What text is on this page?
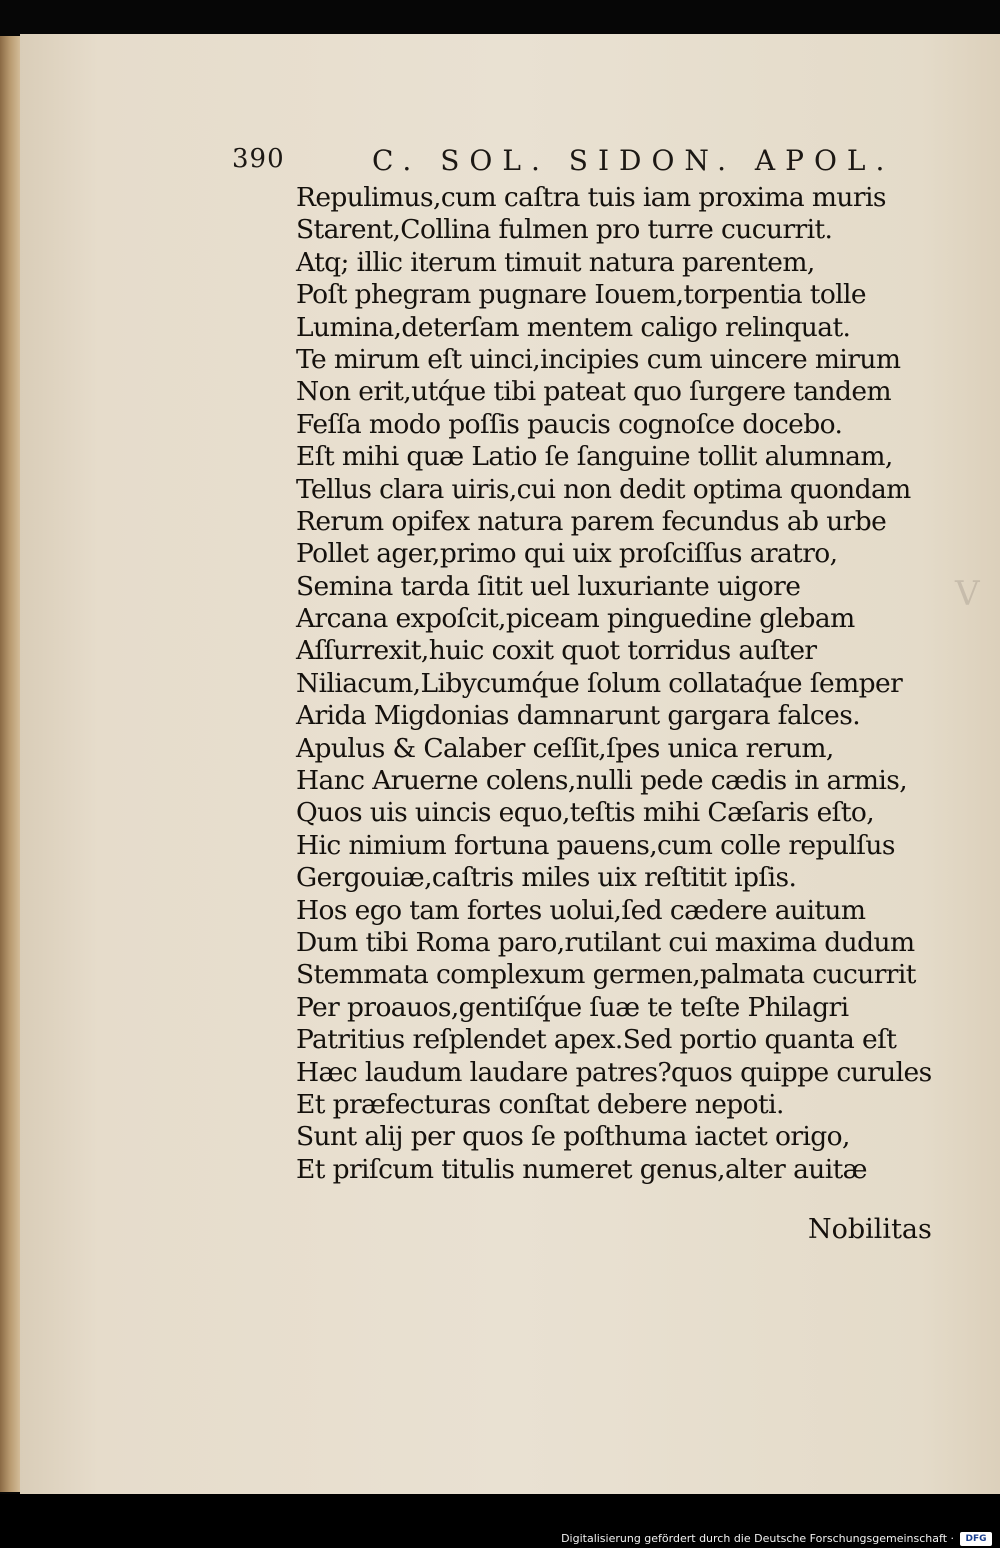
V
390	C. SOL. SIDON. APOL.
Repulimus,cum caſtra tuis iam proxima muris
Starent,Collina fulmen pro turre cucurrit.
Atq; illic iterum timuit natura parentem,
Poſt phegram pugnare Iouem,torpentia tolle
Lumina,deterſam mentem caligo relinquat.
Te mirum eſt uinci,incipies cum uincere mirum
Non erit,utq́ue tibi pateat quo ſurgere tandem
Feſſa modo poſſis paucis cognoſce docebo.
Eſt mihi quæ Latio ſe ſanguine tollit alumnam,
Tellus clara uiris,cui non dedit optima quondam
Rerum opifex natura parem fecundus ab urbe
Pollet ager,primo qui uix proſciſſus aratro,
Semina tarda ſitit uel luxuriante uigore
Arcana expoſcit,piceam pinguedine glebam
Aſſurrexit,huic coxit quot torridus auſter
Niliacum,Libycumq́ue ſolum collataq́ue ſemper
Arida Migdonias damnarunt gargara falces.
Apulus & Calaber ceſſit,ſpes unica rerum,
Hanc Aruerne colens,nulli pede cædis in armis,
Quos uis uincis equo,teſtis mihi Cæſaris eſto,
Hic nimium fortuna pauens,cum colle repulſus
Gergouiæ,caſtris miles uix reſtitit ipſis.
Hos ego tam fortes uolui,ſed cædere auitum
Dum tibi Roma paro,rutilant cui maxima dudum
Stemmata complexum germen,palmata cucurrit
Per proauos,gentiſq́ue ſuæ te teſte Philagri
Patritius reſplendet apex.Sed portio quanta eſt
Hæc laudum laudare patres?quos quippe curules
Et præfecturas conſtat debere nepoti.
Sunt alij per quos ſe poſthuma iactet origo,
Et priſcum titulis numeret genus,alter auitæ
Nobilitas
Digitalisierung gefördert durch die Deutsche Forschungsgemeinschaft ·	DFG
